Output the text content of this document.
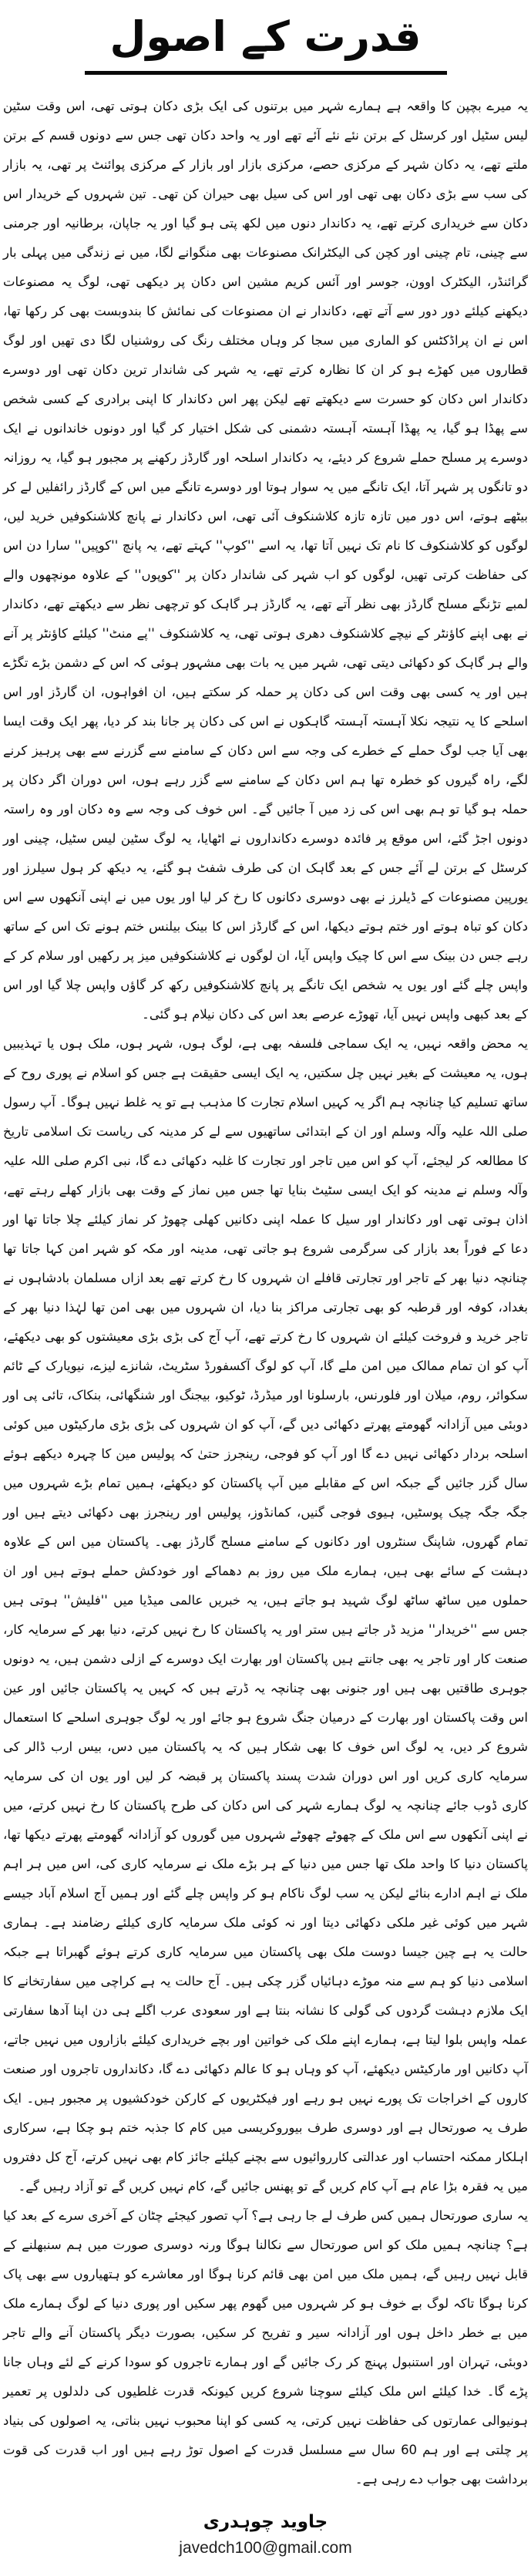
قدرت کے اصول

یہ میرے بچپن کا واقعہ ہے ہمارے شہر میں برتنوں کی ایک بڑی دکان ہوتی تھی، اس وقت سٹین لیس سٹیل اور کرسٹل کے برتن نئے نئے آئے تھے اور یہ واحد دکان تھی جس سے دونوں قسم کے برتن ملتے تھے، یہ دکان شہر کے مرکزی حصے، مرکزی بازار اور بازار کے مرکزی پوائنٹ پر تھی، یہ بازار کی سب سے بڑی دکان بھی تھی اور اس کی سیل بھی حیران کن تھی۔ تین شہروں کے خریدار اس دکان سے خریداری کرتے تھے، یہ دکاندار دنوں میں لکھ پتی ہو گیا اور یہ جاپان، برطانیہ اور جرمنی سے چینی، تام چینی اور کچن کی الیکٹرانک مصنوعات بھی منگوانے لگا، میں نے زندگی میں پہلی بار گرائنڈر، الیکٹرک اوون، جوسر اور آئس کریم مشین اس دکان پر دیکھی تھی، لوگ یہ مصنوعات دیکھنے کیلئے دور دور سے آتے تھے، دکاندار نے ان مصنوعات کی نمائش کا بندوبست بھی کر رکھا تھا، اس نے ان پراڈکٹس کو الماری میں سجا کر وہاں مختلف رنگ کی روشنیاں لگا دی تھیں اور لوگ قطاروں میں کھڑے ہو کر ان کا نظارہ کرتے تھے، یہ شہر کی شاندار ترین دکان تھی اور دوسرے دکاندار اس دکان کو حسرت سے دیکھتے تھے لیکن پھر اس دکاندار کا اپنی برادری کے کسی شخص سے پھڈا ہو گیا، یہ پھڈا آہستہ آہستہ دشمنی کی شکل اختیار کر گیا اور دونوں خاندانوں نے ایک دوسرے پر مسلح حملے شروع کر دیئے، یہ دکاندار اسلحہ اور گارڈز رکھنے پر مجبور ہو گیا، یہ روزانہ دو تانگوں پر شہر آتا، ایک تانگے میں یہ سوار ہوتا اور دوسرے تانگے میں اس کے گارڈز رائفلیں لے کر بیٹھے ہوتے، اس دور میں تازہ تازہ کلاشنکوف آئی تھی، اس دکاندار نے پانچ کلاشنکوفیں خرید لیں، لوگوں کو کلاشنکوف کا نام تک نہیں آتا تھا، یہ اسے ''کوپ'' کہتے تھے، یہ پانچ ''کوپیں'' سارا دن اس کی حفاظت کرتی تھیں، لوگوں کو اب شہر کی شاندار دکان پر ''کوپوں'' کے علاوہ مونچھوں والے لمبے تڑنگے مسلح گارڈز بھی نظر آتے تھے، یہ گارڈز ہر گاہک کو ترچھی نظر سے دیکھتے تھے، دکاندار نے بھی اپنے کاؤنٹر کے نیچے کلاشنکوف دھری ہوتی تھی، یہ کلاشنکوف ''پے منٹ'' کیلئے کاؤنٹر پر آنے والے ہر گاہک کو دکھائی دیتی تھی، شہر میں یہ بات بھی مشہور ہوئی کہ اس کے دشمن بڑے تگڑے ہیں اور یہ کسی بھی وقت اس کی دکان پر حملہ کر سکتے ہیں، ان افواہوں، ان گارڈز اور اس اسلحے کا یہ نتیجہ نکلا آہستہ آہستہ گاہکوں نے اس کی دکان پر جانا بند کر دیا، پھر ایک وقت ایسا بھی آیا جب لوگ حملے کے خطرے کی وجہ سے اس دکان کے سامنے سے گزرنے سے بھی پرہیز کرنے لگے، راہ گیروں کو خطرہ تھا ہم اس دکان کے سامنے سے گزر رہے ہوں، اس دوران اگر دکان پر حملہ ہو گیا تو ہم بھی اس کی زد میں آ جائیں گے۔ اس خوف کی وجہ سے وہ دکان اور وہ راستہ دونوں اجڑ گئے، اس موقع پر فائدہ دوسرے دکانداروں نے اٹھایا، یہ لوگ سٹین لیس سٹیل، چینی اور کرسٹل کے برتن لے آئے جس کے بعد گاہک ان کی طرف شفٹ ہو گئے، یہ دیکھ کر ہول سیلرز اور یورپین مصنوعات کے ڈیلرز نے بھی دوسری دکانوں کا رخ کر لیا اور یوں میں نے اپنی آنکھوں سے اس دکان کو تباہ ہوتے اور ختم ہوتے دیکھا، اس کے گارڈز اس کا بینک بیلنس ختم ہونے تک اس کے ساتھ رہے جس دن بینک سے اس کا چیک واپس آیا، ان لوگوں نے کلاشنکوفیں میز پر رکھیں اور سلام کر کے واپس چلے گئے اور یوں یہ شخص ایک تانگے پر پانچ کلاشنکوفیں رکھ کر گاؤں واپس چلا گیا اور اس کے بعد کبھی واپس نہیں آیا، تھوڑے عرصے بعد اس کی دکان نیلام ہو گئی۔

یہ محض واقعہ نہیں، یہ ایک سماجی فلسفہ بھی ہے، لوگ ہوں، شہر ہوں، ملک ہوں یا تہذیبیں ہوں، یہ معیشت کے بغیر نہیں چل سکتیں، یہ ایک ایسی حقیقت ہے جس کو اسلام نے پوری روح کے ساتھ تسلیم کیا چنانچہ ہم اگر یہ کہیں اسلام تجارت کا مذہب ہے تو یہ غلط نہیں ہوگا۔ آپ رسول صلی اللہ علیہ وآلہ وسلم اور ان کے ابتدائی ساتھیوں سے لے کر مدینہ کی ریاست تک اسلامی تاریخ کا مطالعہ کر لیجئے، آپ کو اس میں تاجر اور تجارت کا غلبہ دکھائی دے گا، نبی اکرم صلی اللہ علیہ وآلہ وسلم نے مدینہ کو ایک ایسی سٹیٹ بنایا تھا جس میں نماز کے وقت بھی بازار کھلے رہتے تھے، اذان ہوتی تھی اور دکاندار اور سیل کا عملہ اپنی دکانیں کھلی چھوڑ کر نماز کیلئے چلا جاتا تھا اور دعا کے فوراً بعد بازار کی سرگرمی شروع ہو جاتی تھی، مدینہ اور مکہ کو شہر امن کہا جاتا تھا چنانچہ دنیا بھر کے تاجر اور تجارتی قافلے ان شہروں کا رخ کرتے تھے بعد ازاں مسلمان بادشاہوں نے بغداد، کوفہ اور قرطبہ کو بھی تجارتی مراکز بنا دیا، ان شہروں میں بھی امن تھا لہٰذا دنیا بھر کے تاجر خرید و فروخت کیلئے ان شہروں کا رخ کرتے تھے، آپ آج کی بڑی بڑی معیشتوں کو بھی دیکھئے، آپ کو ان تمام ممالک میں امن ملے گا، آپ کو لوگ آکسفورڈ سٹریٹ، شانزے لیزے، نیویارک کے ٹائم سکوائر، روم، میلان اور فلورنس، بارسلونا اور میڈرڈ، ٹوکیو، بیجنگ اور شنگھائی، بنکاک، تائی پی اور دوبئی میں آزادانہ گھومتے پھرتے دکھائی دیں گے، آپ کو ان شہروں کی بڑی بڑی مارکیٹوں میں کوئی اسلحہ بردار دکھائی نہیں دے گا اور آپ کو فوجی، رینجرز حتیٰ کہ پولیس مین کا چہرہ دیکھے ہوئے سال گزر جائیں گے جبکہ اس کے مقابلے میں آپ پاکستان کو دیکھئے، ہمیں تمام بڑے شہروں میں جگہ جگہ چیک پوسٹیں، ہیوی فوجی گنیں، کمانڈوز، پولیس اور رینجرز بھی دکھائی دیتے ہیں اور تمام گھروں، شاپنگ سنٹروں اور دکانوں کے سامنے مسلح گارڈز بھی۔ پاکستان میں اس کے علاوہ دہشت کے سائے بھی ہیں، ہمارے ملک میں روز بم دھماکے اور خودکش حملے ہوتے ہیں اور ان حملوں میں ساٹھ ساٹھ لوگ شہید ہو جاتے ہیں، یہ خبریں عالمی میڈیا میں ''فلیش'' ہوتی ہیں جس سے ''خریدار'' مزید ڈر جاتے ہیں ستر اور یہ پاکستان کا رخ نہیں کرتے، دنیا بھر کے سرمایہ کار، صنعت کار اور تاجر یہ بھی جانتے ہیں پاکستان اور بھارت ایک دوسرے کے ازلی دشمن ہیں، یہ دونوں جوہری طاقتیں بھی ہیں اور جنونی بھی چنانچہ یہ ڈرتے ہیں کہ کہیں یہ پاکستان جائیں اور عین اس وقت پاکستان اور بھارت کے درمیان جنگ شروع ہو جائے اور یہ لوگ جوہری اسلحے کا استعمال شروع کر دیں، یہ لوگ اس خوف کا بھی شکار ہیں کہ یہ پاکستان میں دس، بیس ارب ڈالر کی سرمایہ کاری کریں اور اس دوران شدت پسند پاکستان پر قبضہ کر لیں اور یوں ان کی سرمایہ کاری ڈوب جائے چنانچہ یہ لوگ ہمارے شہر کی اس دکان کی طرح پاکستان کا رخ نہیں کرتے، میں نے اپنی آنکھوں سے اس ملک کے چھوٹے چھوٹے شہروں میں گوروں کو آزادانہ گھومتے پھرتے دیکھا تھا، پاکستان دنیا کا واحد ملک تھا جس میں دنیا کے ہر بڑے ملک نے سرمایہ کاری کی، اس میں ہر اہم ملک نے اہم ادارے بنائے لیکن یہ سب لوگ ناکام ہو کر واپس چلے گئے اور ہمیں آج اسلام آباد جیسے شہر میں کوئی غیر ملکی دکھائی دیتا اور نہ کوئی ملک سرمایہ کاری کیلئے رضامند ہے۔ ہماری حالت یہ ہے چین جیسا دوست ملک بھی پاکستان میں سرمایہ کاری کرتے ہوئے گھبراتا ہے جبکہ اسلامی دنیا کو ہم سے منہ موڑے دہائیاں گزر چکی ہیں۔ آج حالت یہ ہے کراچی میں سفارتخانے کا ایک ملازم دہشت گردوں کی گولی کا نشانہ بنتا ہے اور سعودی عرب اگلے ہی دن اپنا آدھا سفارتی عملہ واپس بلوا لیتا ہے، ہمارے اپنے ملک کی خواتین اور بچے خریداری کیلئے بازاروں میں نہیں جاتے، آپ دکانیں اور مارکیٹس دیکھئے، آپ کو وہاں ہو کا عالم دکھائی دے گا، دکانداروں تاجروں اور صنعت کاروں کے اخراجات تک پورے نہیں ہو رہے اور فیکٹریوں کے کارکن خودکشیوں پر مجبور ہیں۔ ایک طرف یہ صورتحال ہے اور دوسری طرف بیوروکریسی میں کام کا جذبہ ختم ہو چکا ہے، سرکاری اہلکار ممکنہ احتساب اور عدالتی کارروائیوں سے بچنے کیلئے جائز کام بھی نہیں کرتے، آج کل دفتروں میں یہ فقرہ بڑا عام ہے آپ کام کریں گے تو پھنس جائیں گے، کام نہیں کریں گے تو آزاد رہیں گے۔

یہ ساری صورتحال ہمیں کس طرف لے جا رہی ہے؟ آپ تصور کیجئے چٹان کے آخری سرے کے بعد کیا ہے؟ چنانچہ ہمیں ملک کو اس صورتحال سے نکالنا ہوگا ورنہ دوسری صورت میں ہم سنبھلنے کے قابل نہیں رہیں گے، ہمیں ملک میں امن بھی قائم کرنا ہوگا اور معاشرے کو ہتھیاروں سے بھی پاک کرنا ہوگا تاکہ لوگ بے خوف ہو کر شہروں میں گھوم پھر سکیں اور پوری دنیا کے لوگ ہمارے ملک میں بے خطر داخل ہوں اور آزادانہ سیر و تفریح کر سکیں، بصورت دیگر پاکستان آنے والے تاجر دوبئی، تہران اور استنبول پہنچ کر رک جائیں گے اور ہمارے تاجروں کو سودا کرنے کے لئے وہاں جانا پڑے گا۔ خدا کیلئے اس ملک کیلئے سوچنا شروع کریں کیونکہ قدرت غلطیوں کی دلدلوں پر تعمیر ہونیوالی عمارتوں کی حفاظت نہیں کرتی، یہ کسی کو اپنا محبوب نہیں بناتی، یہ اصولوں کی بنیاد پر چلتی ہے اور ہم 60 سال سے مسلسل قدرت کے اصول توڑ رہے ہیں اور اب قدرت کی قوت برداشت بھی جواب دے رہی ہے۔

جاوید چوہدری
javedch100@gmail.com
